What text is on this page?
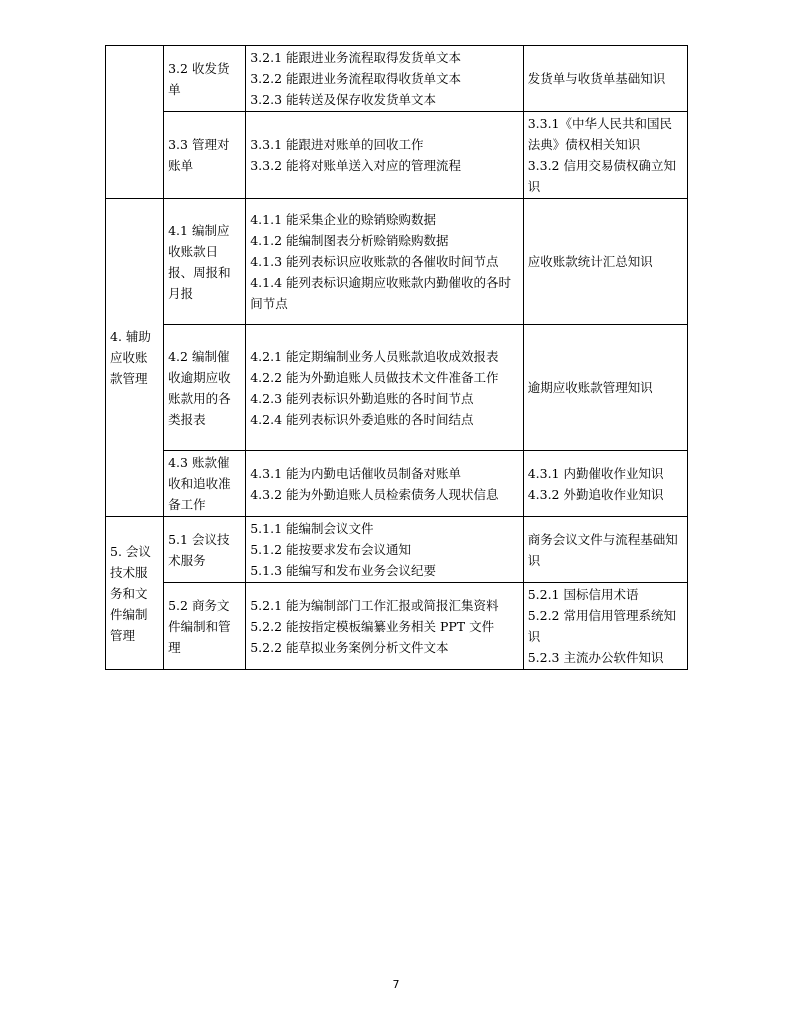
	3.2 收发货单	3.2.1 能跟进业务流程取得发货单文本
3.2.2 能跟进业务流程取得收货单文本
3.2.3 能转送及保存收发货单文本	发货单与收货单基础知识

	3.3 管理对账单	3.3.1 能跟进对账单的回收工作
3.3.2 能将对账单送入对应的管理流程	3.3.1《中华人民共和国民法典》债权相关知识
3.3.2 信用交易债权确立知识

4. 辅助应收账款管理	4.1 编制应收账款日报、周报和月报	4.1.1 能采集企业的赊销赊购数据
4.1.2 能编制图表分析赊销赊购数据
4.1.3 能列表标识应收账款的各催收时间节点
4.1.4 能列表标识逾期应收账款内勤催收的各时间节点	应收账款统计汇总知识

	4.2 编制催收逾期应收账款用的各类报表	4.2.1 能定期编制业务人员账款追收成效报表
4.2.2 能为外勤追账人员做技术文件准备工作
4.2.3 能列表标识外勤追账的各时间节点
4.2.4 能列表标识外委追账的各时间结点	逾期应收账款管理知识

	4.3 账款催收和追收准备工作	4.3.1 能为内勤电话催收员制备对账单
4.3.2 能为外勤追账人员检索债务人现状信息	4.3.1 内勤催收作业知识
4.3.2 外勤追收作业知识

5. 会议技术服务和文件编制管理	5.1 会议技术服务	5.1.1 能编制会议文件
5.1.2 能按要求发布会议通知
5.1.3 能编写和发布业务会议纪要	商务会议文件与流程基础知识

	5.2 商务文件编制和管理	5.2.1 能为编制部门工作汇报或简报汇集资料
5.2.2 能按指定模板编纂业务相关 PPT 文件
5.2.2 能草拟业务案例分析文件文本	5.2.1 国标信用术语
5.2.2 常用信用管理系统知识
5.2.3 主流办公软件知识
7
